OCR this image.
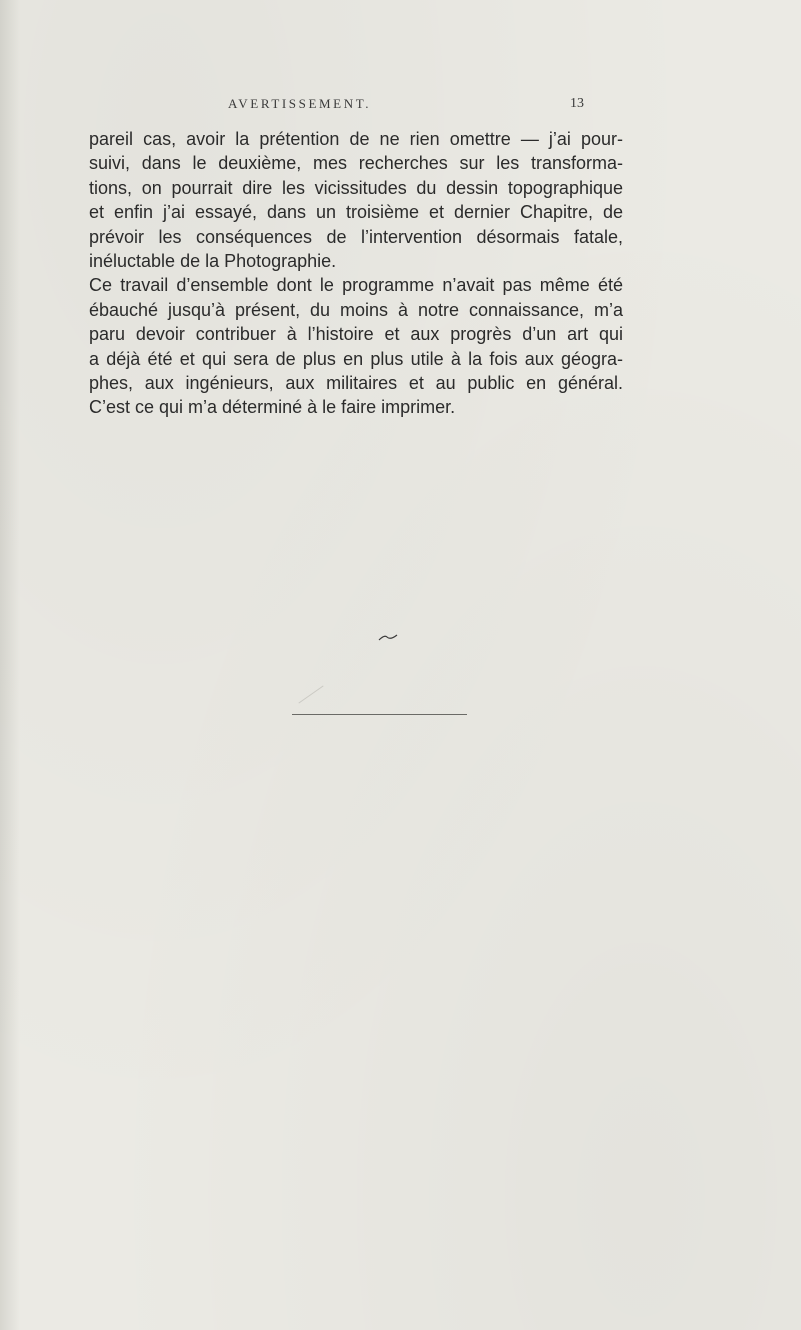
AVERTISSEMENT.	13
pareil cas, avoir la prétention de ne rien omettre — j’ai pour-
suivi, dans le deuxième, mes recherches sur les transforma-
tions, on pourrait dire les vicissitudes du dessin topographique
et enfin j’ai essayé, dans un troisième et dernier Chapitre, de
prévoir les conséquences de l’intervention désormais fatale,
inéluctable de la Photographie.
Ce travail d’ensemble dont le programme n’avait pas même été
ébauché jusqu’à présent, du moins à notre connaissance, m’a
paru devoir contribuer à l’histoire et aux progrès d’un art qui
a déjà été et qui sera de plus en plus utile à la fois aux géogra-
phes, aux ingénieurs, aux militaires et au public en général.
C’est ce qui m’a déterminé à le faire imprimer.
